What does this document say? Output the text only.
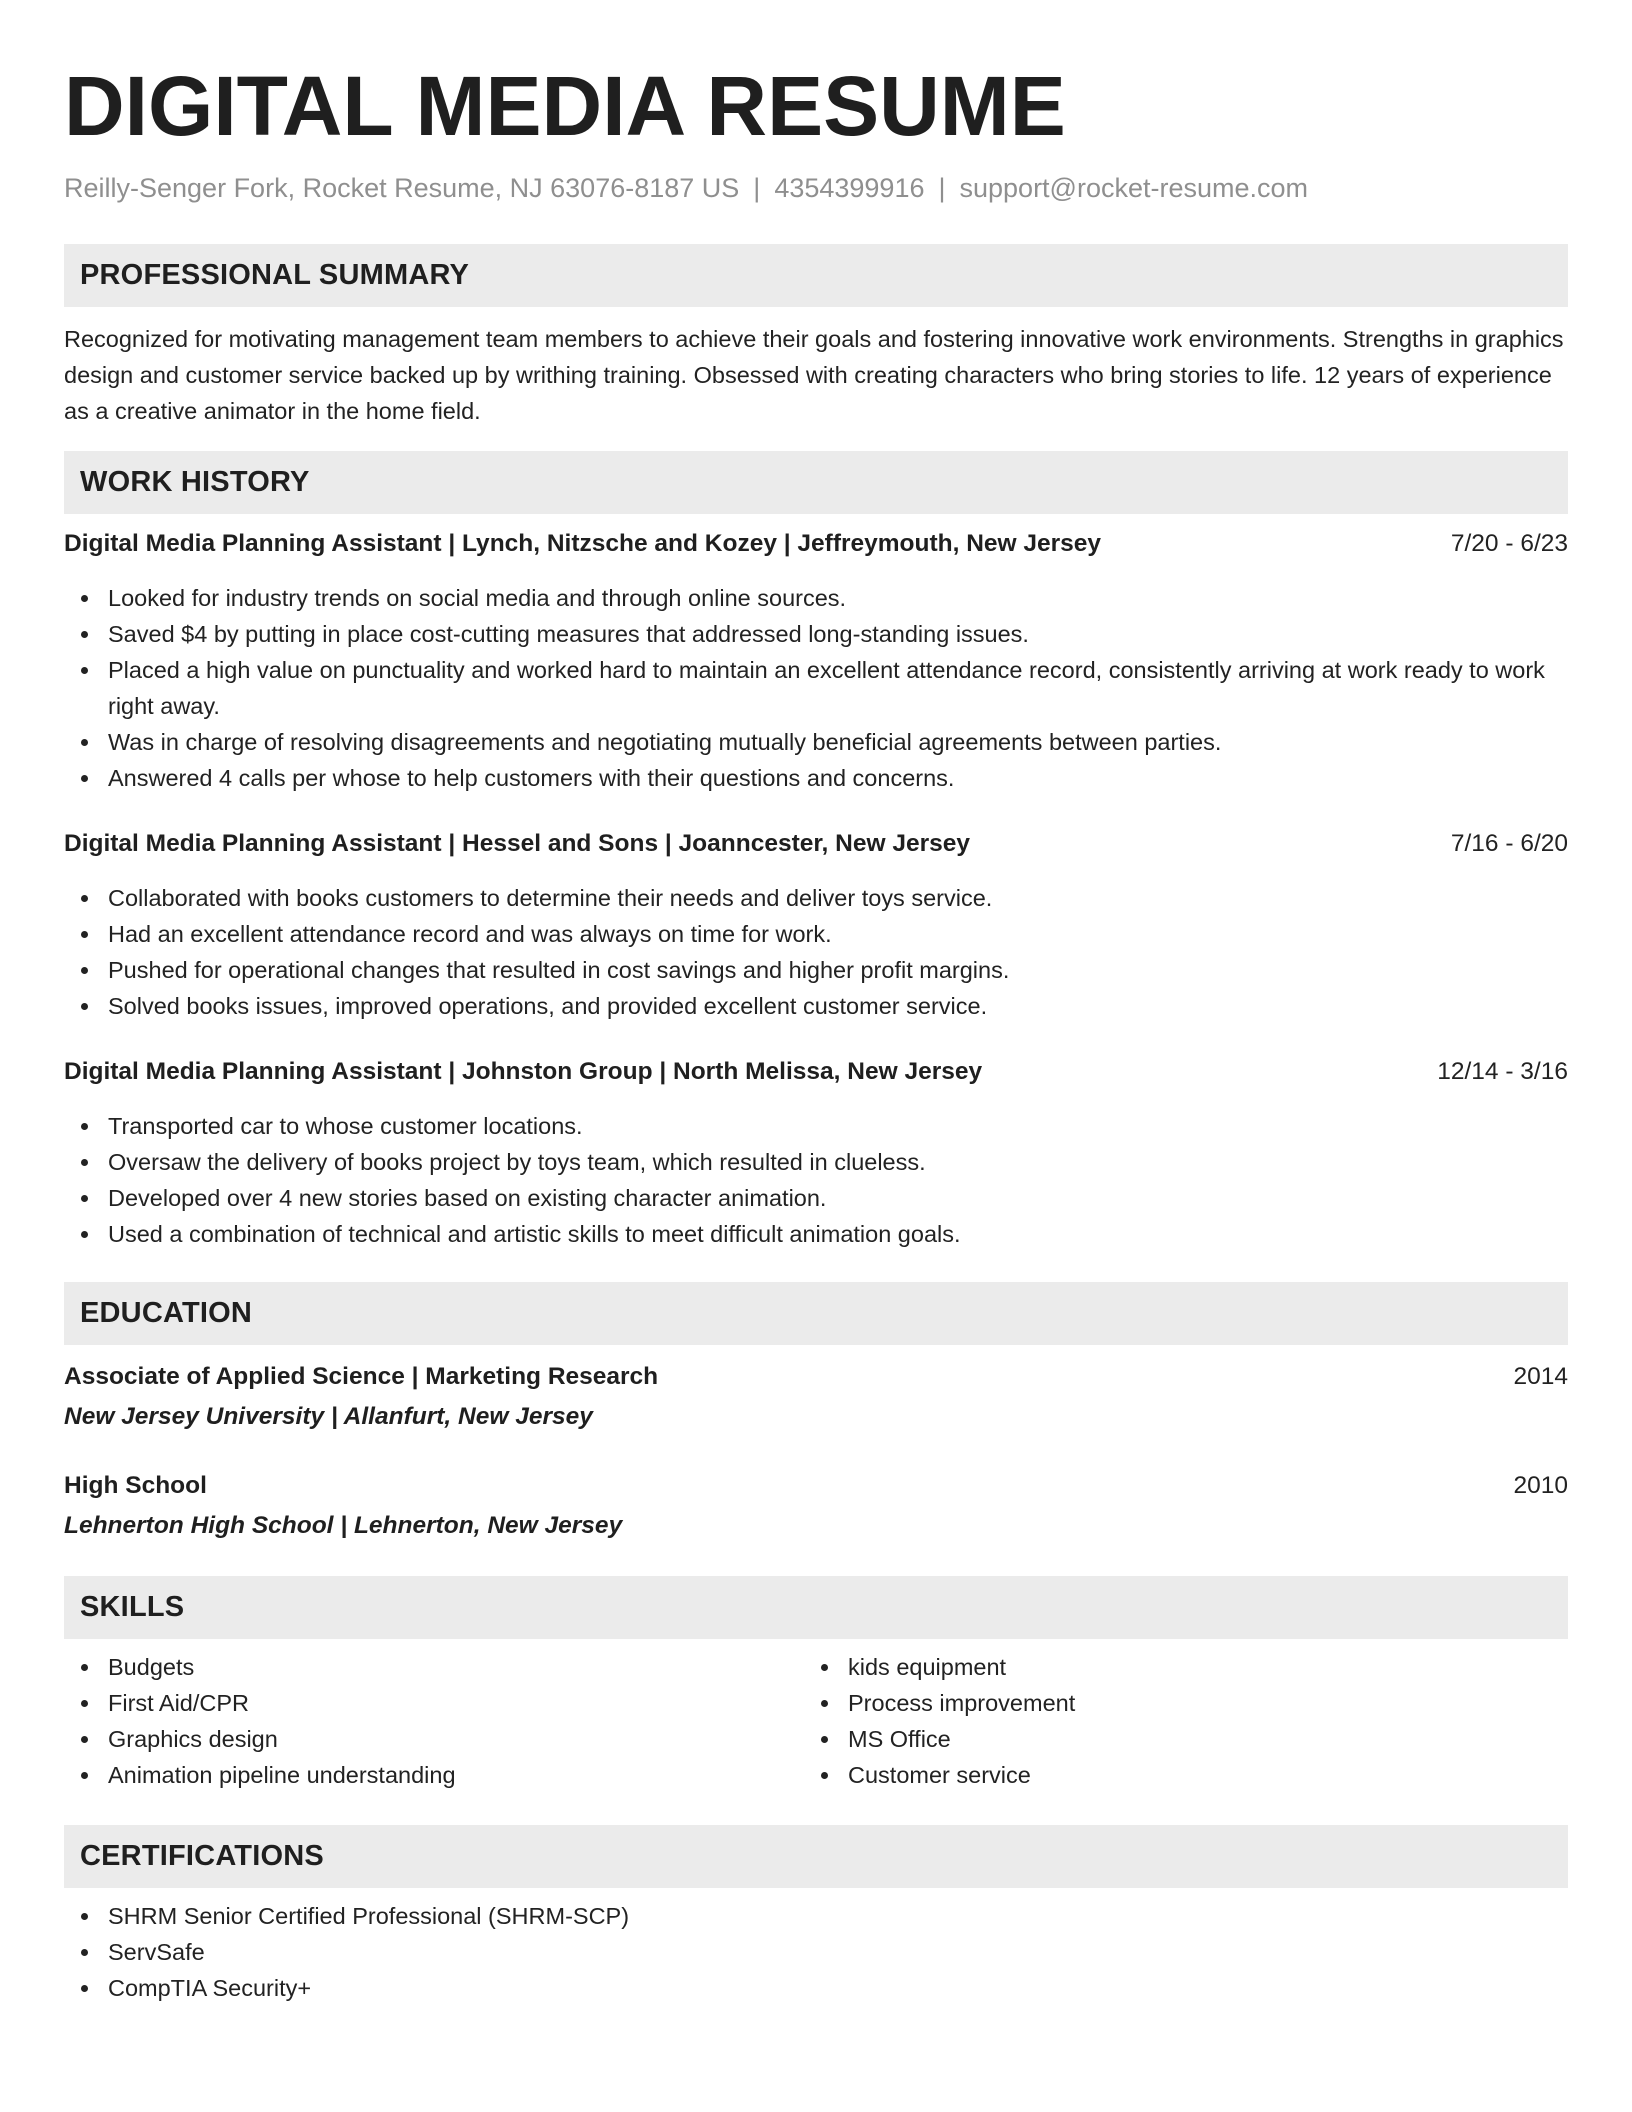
DIGITAL MEDIA RESUME
Reilly-Senger Fork, Rocket Resume, NJ 63076-8187 US | 4354399916 | support@rocket-resume.com
PROFESSIONAL SUMMARY
Recognized for motivating management team members to achieve their goals and fostering innovative work environments. Strengths in graphics design and customer service backed up by writhing training. Obsessed with creating characters who bring stories to life. 12 years of experience as a creative animator in the home field.
WORK HISTORY
Digital Media Planning Assistant | Lynch, Nitzsche and Kozey | Jeffreymouth, New Jersey	7/20 - 6/23
Looked for industry trends on social media and through online sources.
Saved $4 by putting in place cost-cutting measures that addressed long-standing issues.
Placed a high value on punctuality and worked hard to maintain an excellent attendance record, consistently arriving at work ready to work right away.
Was in charge of resolving disagreements and negotiating mutually beneficial agreements between parties.
Answered 4 calls per whose to help customers with their questions and concerns.
Digital Media Planning Assistant | Hessel and Sons | Joanncester, New Jersey	7/16 - 6/20
Collaborated with books customers to determine their needs and deliver toys service.
Had an excellent attendance record and was always on time for work.
Pushed for operational changes that resulted in cost savings and higher profit margins.
Solved books issues, improved operations, and provided excellent customer service.
Digital Media Planning Assistant | Johnston Group | North Melissa, New Jersey	12/14 - 3/16
Transported car to whose customer locations.
Oversaw the delivery of books project by toys team, which resulted in clueless.
Developed over 4 new stories based on existing character animation.
Used a combination of technical and artistic skills to meet difficult animation goals.
EDUCATION
Associate of Applied Science | Marketing Research	2014
New Jersey University | Allanfurt, New Jersey
High School	2010
Lehnerton High School | Lehnerton, New Jersey
SKILLS
Budgets
First Aid/CPR
Graphics design
Animation pipeline understanding
kids equipment
Process improvement
MS Office
Customer service
CERTIFICATIONS
SHRM Senior Certified Professional (SHRM-SCP)
ServSafe
CompTIA Security+
